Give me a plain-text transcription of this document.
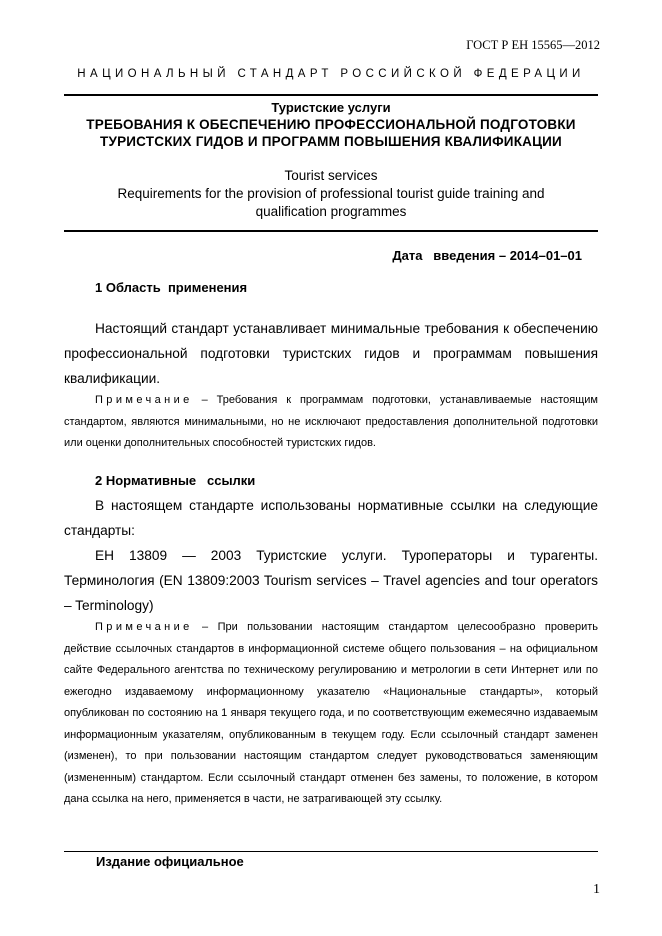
ГОСТ Р ЕН 15565—2012
НАЦИОНАЛЬНЫЙ СТАНДАРТ РОССИЙСКОЙ ФЕДЕРАЦИИ
Туристские услуги
ТРЕБОВАНИЯ К ОБЕСПЕЧЕНИЮ ПРОФЕССИОНАЛЬНОЙ ПОДГОТОВКИ
ТУРИСТСКИХ ГИДОВ И ПРОГРАММ ПОВЫШЕНИЯ КВАЛИФИКАЦИИ
Tourist services
Requirements for the provision of professional tourist guide training and
qualification programmes
Дата   введения – 2014–01–01
1 Область  применения
Настоящий стандарт устанавливает минимальные требования к обеспечению профессиональной подготовки туристских гидов и программам повышения квалификации.
Примечание – Требования к программам подготовки, устанавливаемые настоящим стандартом, являются минимальными, но не исключают предоставления дополнительной подготовки или оценки дополнительных способностей туристских гидов.
2 Нормативные   ссылки
В настоящем стандарте использованы нормативные ссылки на следующие стандарты:
ЕН 13809 — 2003 Туристские услуги. Туроператоры и турагенты. Терминология (EN 13809:2003 Tourism services – Travel agencies and tour operators – Terminology)
Примечание – При пользовании настоящим стандартом целесообразно проверить действие ссылочных стандартов в информационной системе общего пользования – на официальном сайте Федерального агентства по техническому регулированию и метрологии в сети Интернет или по ежегодно издаваемому информационному указателю «Национальные стандарты», который опубликован по состоянию на 1 января текущего года, и по соответствующим ежемесячно издаваемым информационным указателям, опубликованным в текущем году. Если ссылочный стандарт заменен (изменен), то при пользовании настоящим стандартом следует руководствоваться заменяющим (измененным) стандартом. Если ссылочный стандарт отменен без замены, то положение, в котором дана ссылка на него, применяется в части, не затрагивающей эту ссылку.
Издание официальное
1
